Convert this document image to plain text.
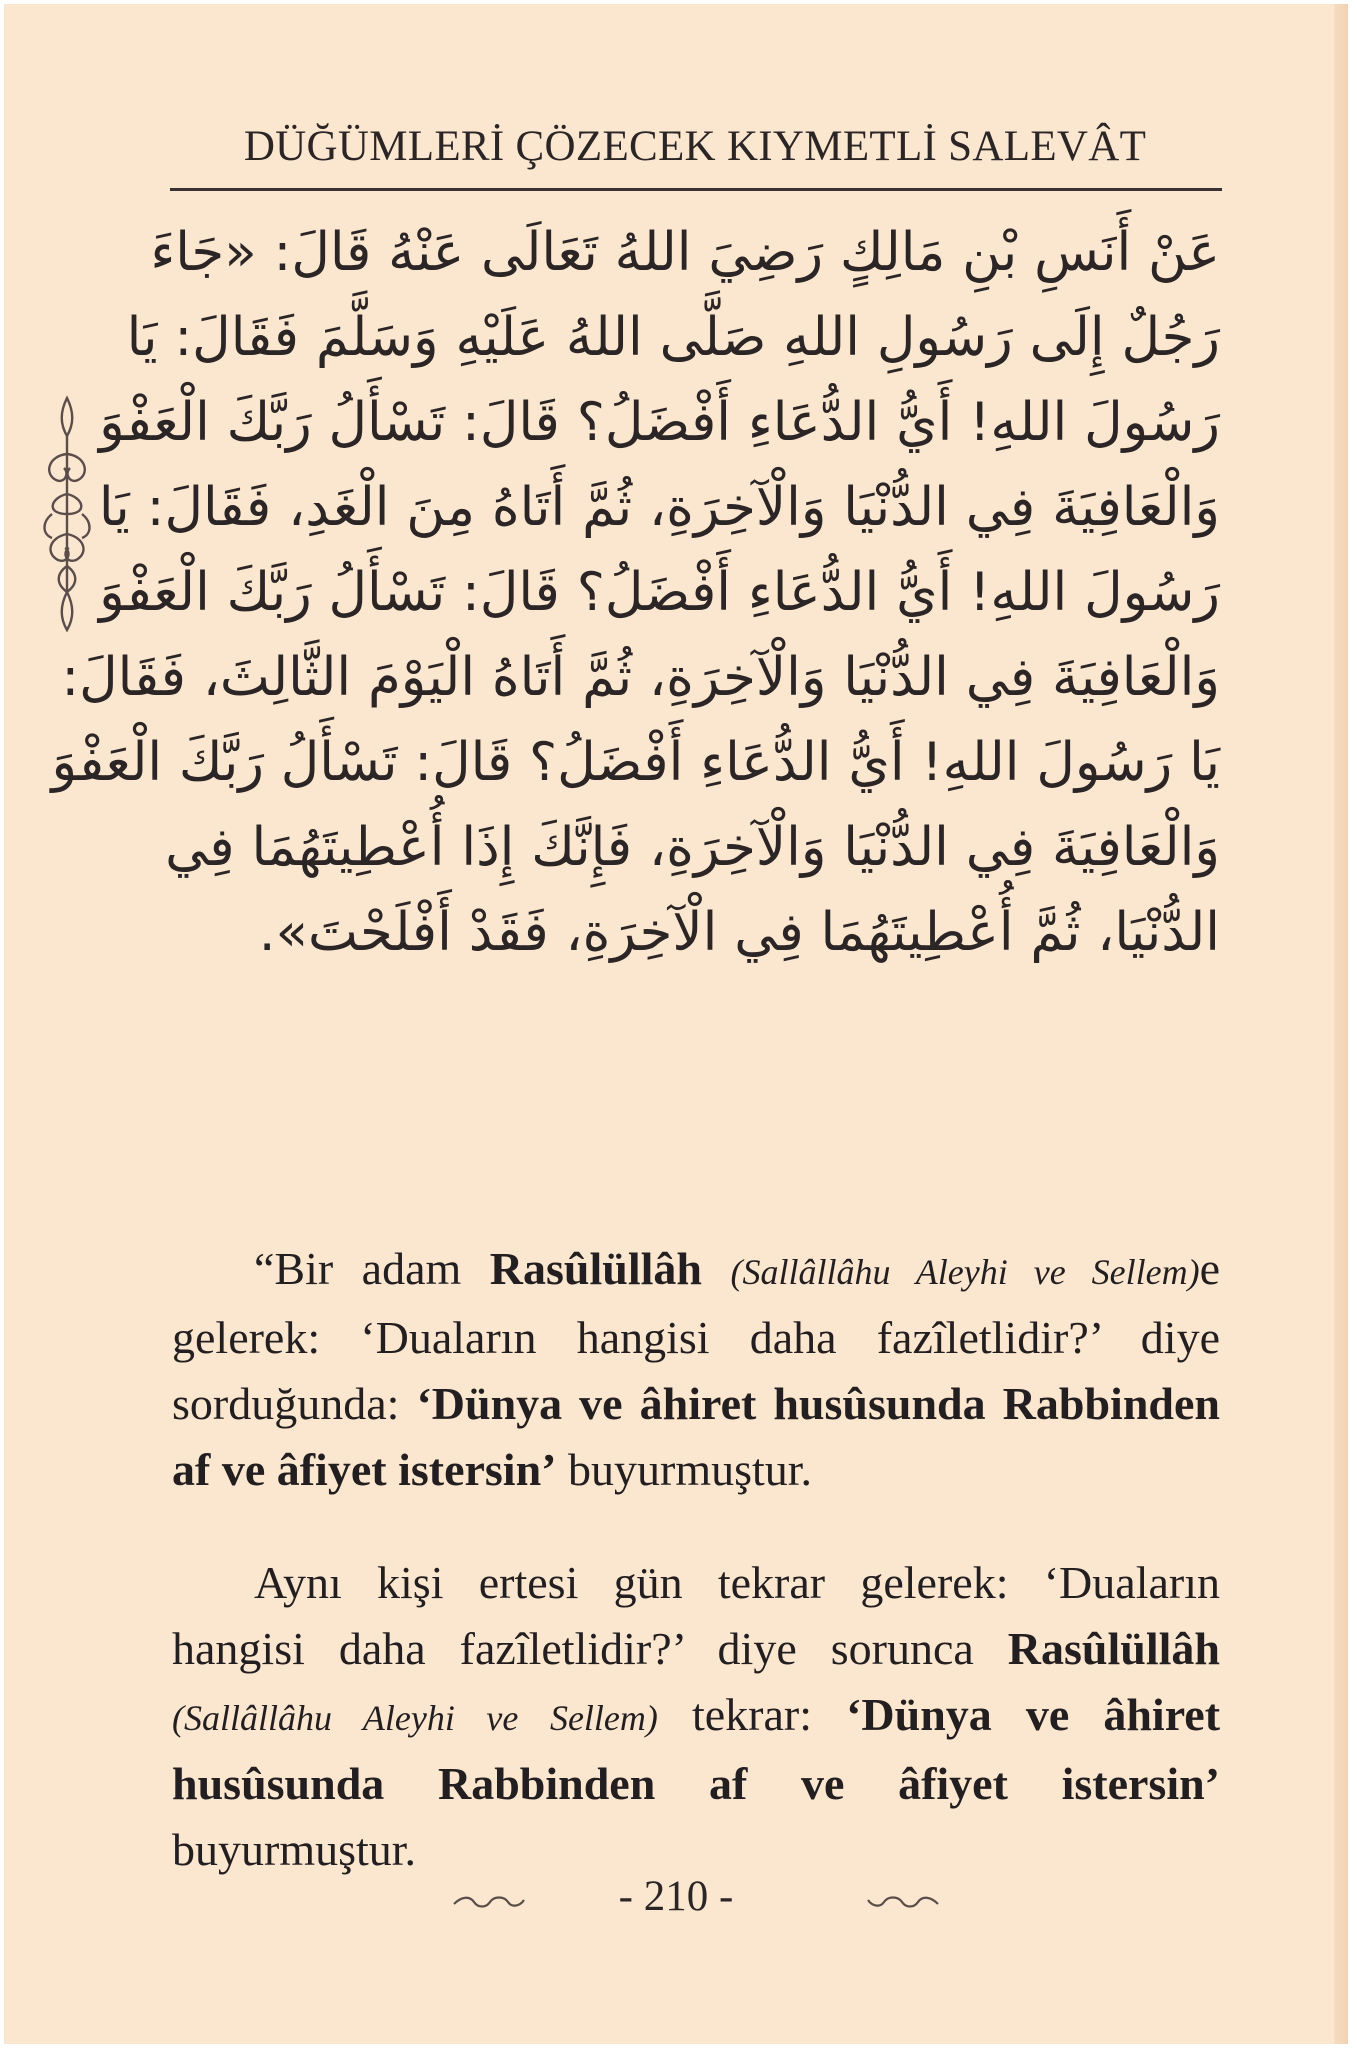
DÜĞÜMLERİ ÇÖZECEK KIYMETLİ SALEVÂT
عَنْ أَنَسِ بْنِ مَالِكٍ رَضِيَ اللهُ تَعَالَى عَنْهُ قَالَ: «جَاءَ
رَجُلٌ إِلَى رَسُولِ اللهِ صَلَّى اللهُ عَلَيْهِ وَسَلَّمَ فَقَالَ: يَا
رَسُولَ اللهِ! أَيُّ الدُّعَاءِ أَفْضَلُ؟ قَالَ: تَسْأَلُ رَبَّكَ الْعَفْوَ
وَالْعَافِيَةَ فِي الدُّنْيَا وَالْآخِرَةِ، ثُمَّ أَتَاهُ مِنَ الْغَدِ، فَقَالَ: يَا
رَسُولَ اللهِ! أَيُّ الدُّعَاءِ أَفْضَلُ؟ قَالَ: تَسْأَلُ رَبَّكَ الْعَفْوَ
وَالْعَافِيَةَ فِي الدُّنْيَا وَالْآخِرَةِ، ثُمَّ أَتَاهُ الْيَوْمَ الثَّالِثَ، فَقَالَ:
يَا رَسُولَ اللهِ! أَيُّ الدُّعَاءِ أَفْضَلُ؟ قَالَ: تَسْأَلُ رَبَّكَ الْعَفْوَ
وَالْعَافِيَةَ فِي الدُّنْيَا وَالْآخِرَةِ، فَإِنَّكَ إِذَا أُعْطِيتَهُمَا فِي
الدُّنْيَا، ثُمَّ أُعْطِيتَهُمَا فِي الْآخِرَةِ، فَقَدْ أَفْلَحْتَ».

“Bir adam Rasûlüllâh (Sallâllâhu Aleyhi ve Sellem)e gelerek: ‘Duaların hangisi daha fazîletlidir?’ diye sorduğunda: ‘Dünya ve âhiret husûsunda Rabbinden af ve âfiyet istersin’ buyurmuştur.

Aynı kişi ertesi gün tekrar gelerek: ‘Duaların hangisi daha fazîletlidir?’ diye sorunca Rasûlüllâh (Sallâllâhu Aleyhi ve Sellem) tekrar: ‘Dünya ve âhiret husûsunda Rabbinden af ve âfiyet istersin’ buyurmuştur.

- 210 -
